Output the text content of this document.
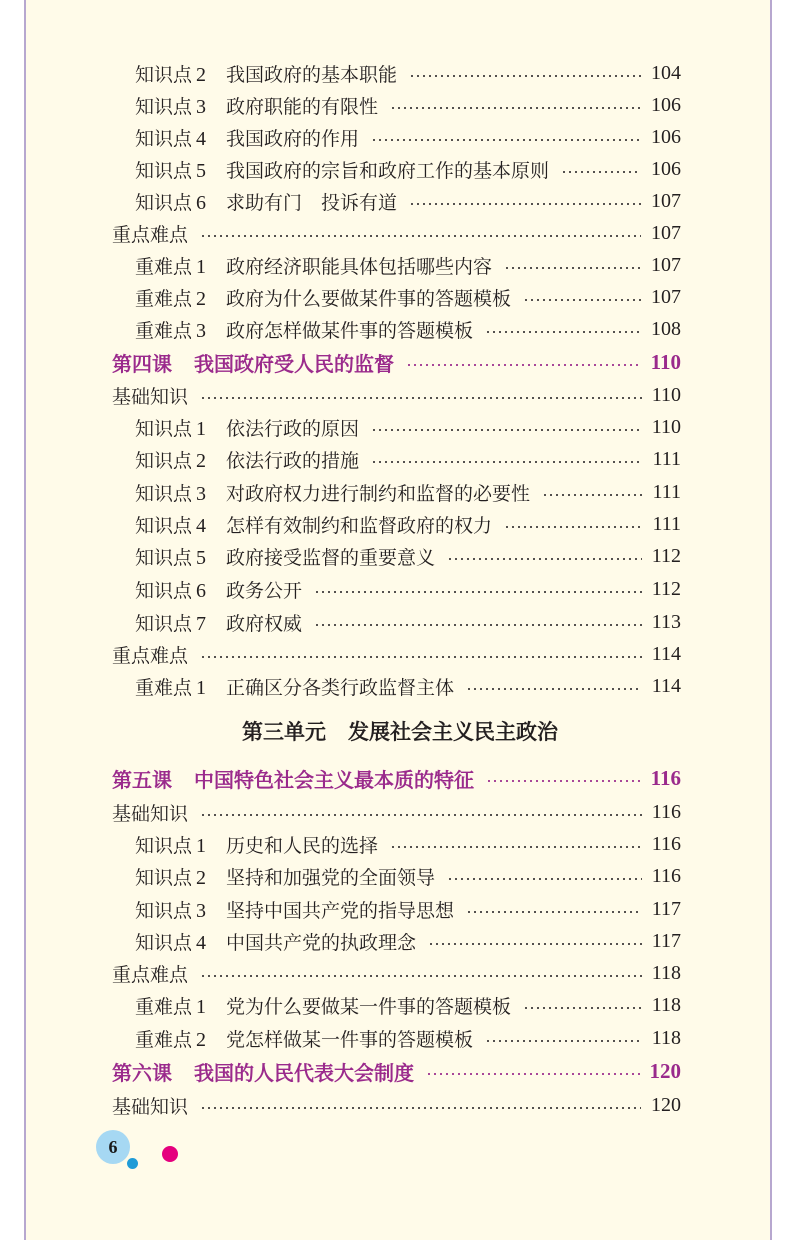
知识点 2	我国政府的基本职能	104
知识点 3	政府职能的有限性	106
知识点 4	我国政府的作用	106
知识点 5	我国政府的宗旨和政府工作的基本原则	106
知识点 6	求助有门　投诉有道	107
重点难点	107
重难点 1	政府经济职能具体包括哪些内容	107
重难点 2	政府为什么要做某件事的答题模板	107
重难点 3	政府怎样做某件事的答题模板	108
第四课 我国政府受人民的监督	110
基础知识	110
知识点 1	依法行政的原因	110
知识点 2	依法行政的措施	111
知识点 3	对政府权力进行制约和监督的必要性	111
知识点 4	怎样有效制约和监督政府的权力	111
知识点 5	政府接受监督的重要意义	112
知识点 6	政务公开	112
知识点 7	政府权威	113
重点难点	114
重难点 1	正确区分各类行政监督主体	114
第三单元 发展社会主义民主政治
第五课 中国特色社会主义最本质的特征	116
基础知识	116
知识点 1	历史和人民的选择	116
知识点 2	坚持和加强党的全面领导	116
知识点 3	坚持中国共产党的指导思想	117
知识点 4	中国共产党的执政理念	117
重点难点	118
重难点 1	党为什么要做某一件事的答题模板	118
重难点 2	党怎样做某一件事的答题模板	118
第六课 我国的人民代表大会制度	120
基础知识	120
6
